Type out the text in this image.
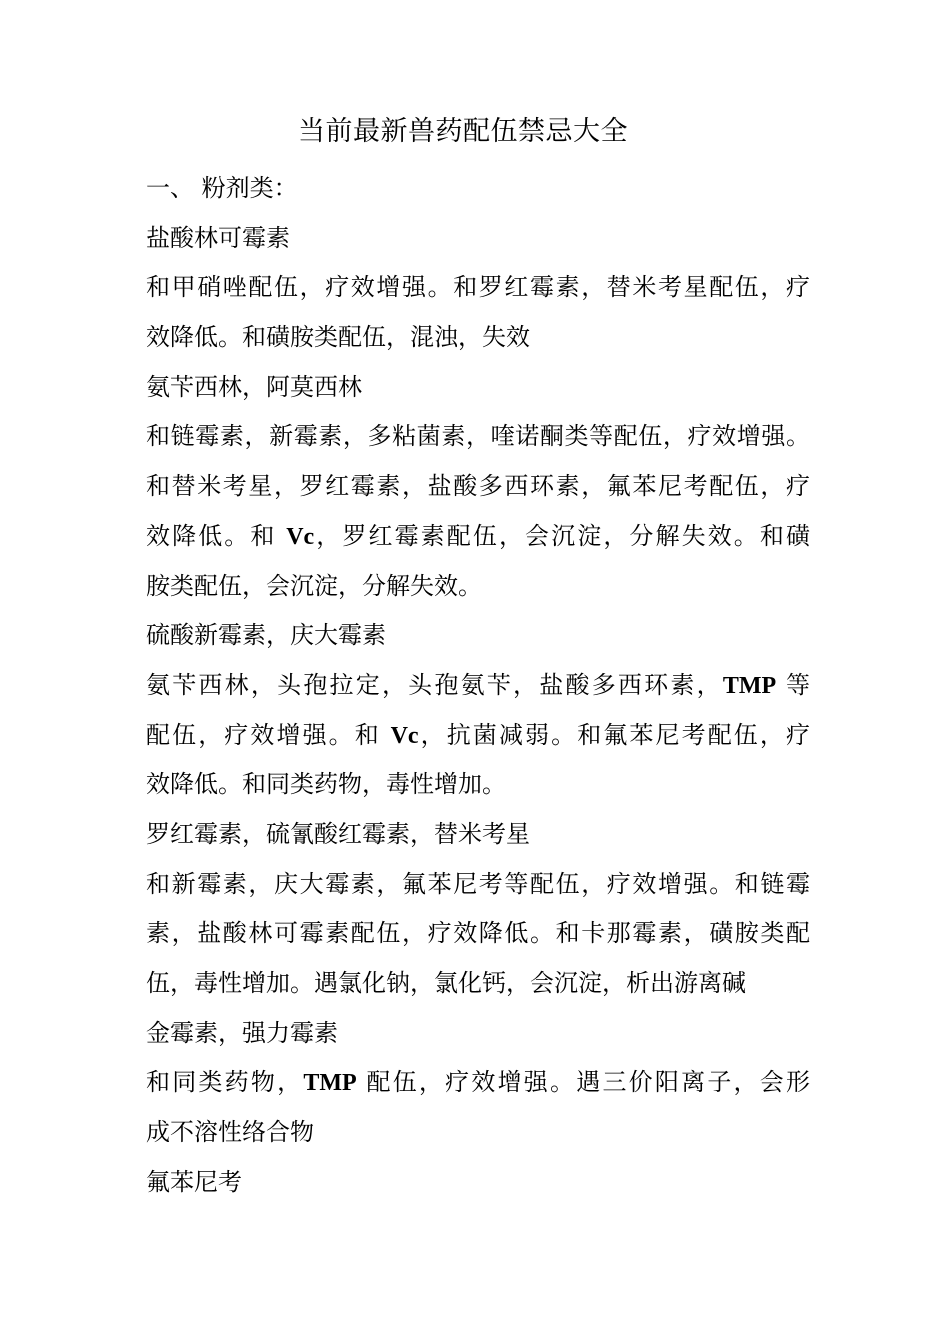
当前最新兽药配伍禁忌大全
一、 粉剂类：
盐酸林可霉素
和甲硝唑配伍，疗效增强。和罗红霉素，替米考星配伍，疗
效降低。和磺胺类配伍，混浊，失效
氨苄西林，阿莫西林
和链霉素，新霉素，多粘菌素，喹诺酮类等配伍，疗效增强。
和替米考星，罗红霉素，盐酸多西环素，氟苯尼考配伍，疗
效降低。和 Vc，罗红霉素配伍，会沉淀，分解失效。和磺
胺类配伍，会沉淀，分解失效。
硫酸新霉素，庆大霉素
氨苄西林，头孢拉定，头孢氨苄，盐酸多西环素，TMP 等
配伍，疗效增强。和 Vc，抗菌减弱。和氟苯尼考配伍，疗
效降低。和同类药物，毒性增加。
罗红霉素，硫氰酸红霉素，替米考星
和新霉素，庆大霉素，氟苯尼考等配伍，疗效增强。和链霉
素，盐酸林可霉素配伍，疗效降低。和卡那霉素，磺胺类配
伍，毒性增加。遇氯化钠，氯化钙，会沉淀，析出游离碱
金霉素，强力霉素
和同类药物，TMP 配伍，疗效增强。遇三价阳离子，会形
成不溶性络合物
氟苯尼考
